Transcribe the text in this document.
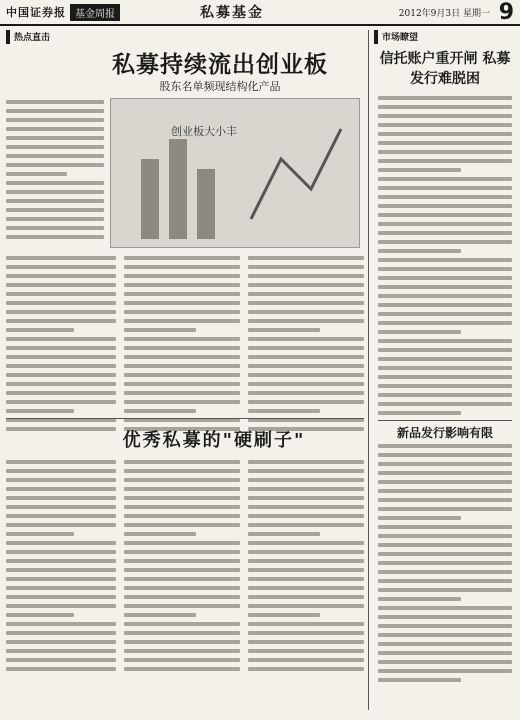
中国证券报 基金周报	私募基金	2012年9月3日 星期一 9
热点直击	市场瞭望
私募持续流出创业板
股东名单频现结构化产品
创业板大小丰
优秀私募的"硬刷子"
信托账户重开闸 私募发行难脱困
新品发行影响有限
